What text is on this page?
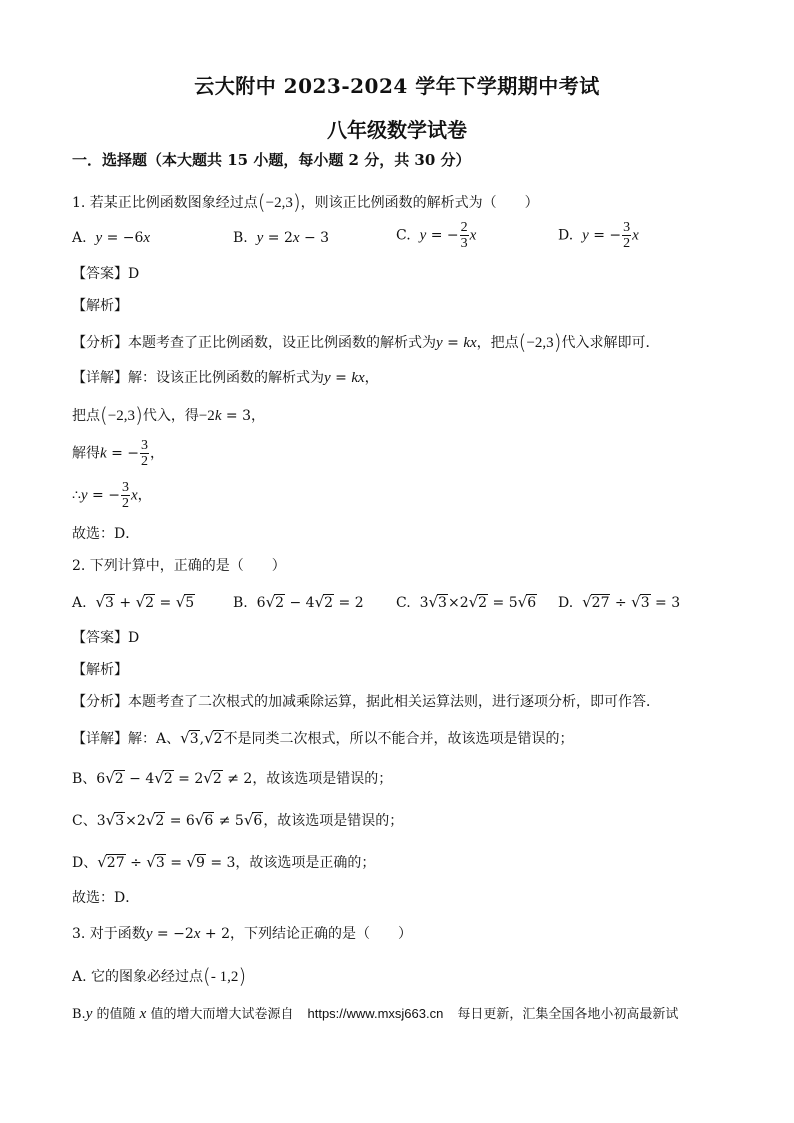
云大附中 2023-2024 学年下学期期中考试
八年级数学试卷
一．选择题（本大题共 15 小题，每小题 2 分，共 30 分）
1. 若某正比例函数图象经过点(−2,3)，则该正比例函数的解析式为（　　）
A. y = −6x	B. y = 2x − 3	C. y = − $\frac{2}{3}$ x	D. y = − $\frac{3}{2}$ x
【答案】D
【解析】
【分析】本题考查了正比例函数，设正比例函数的解析式为y = kx，把点(−2,3)代入求解即可．
【详解】解：设该正比例函数的解析式为y = kx，
把点(−2,3)代入，得−2k = 3，
解得k = − $\frac{3}{2}$ ，
∴y = − $\frac{3}{2}$ x，
故选：D．
2. 下列计算中，正确的是（　　）
A. √3 + √2 = √5	B.  6√2 − 4√2 = 2 C.  3√3×2√2 = 5√6 D. √27 ÷ √3 = 3
【答案】D
【解析】
【分析】本题考查了二次根式的加减乘除运算，据此相关运算法则，进行逐项分析，即可作答．
【详解】解：A、√3,√2不是同类二次根式，所以不能合并，故该选项是错误的；
B、6√2 − 4√2 = 2√2 ≠ 2，故该选项是错误的；
C、3√3×2√2 = 6√6 ≠ 5√6，故该选项是错误的；
D、√27 ÷ √3 = √9 = 3，故该选项是正确的；
故选：D．
3. 对于函数y = −2x + 2，下列结论正确的是（　　）
A. 它的图象必经过点(- 1,2)
B.y 的值随 x 值的增大而增大试卷源自 https://www.mxsj663.cn 每日更新，汇集全国各地小初高最新试
